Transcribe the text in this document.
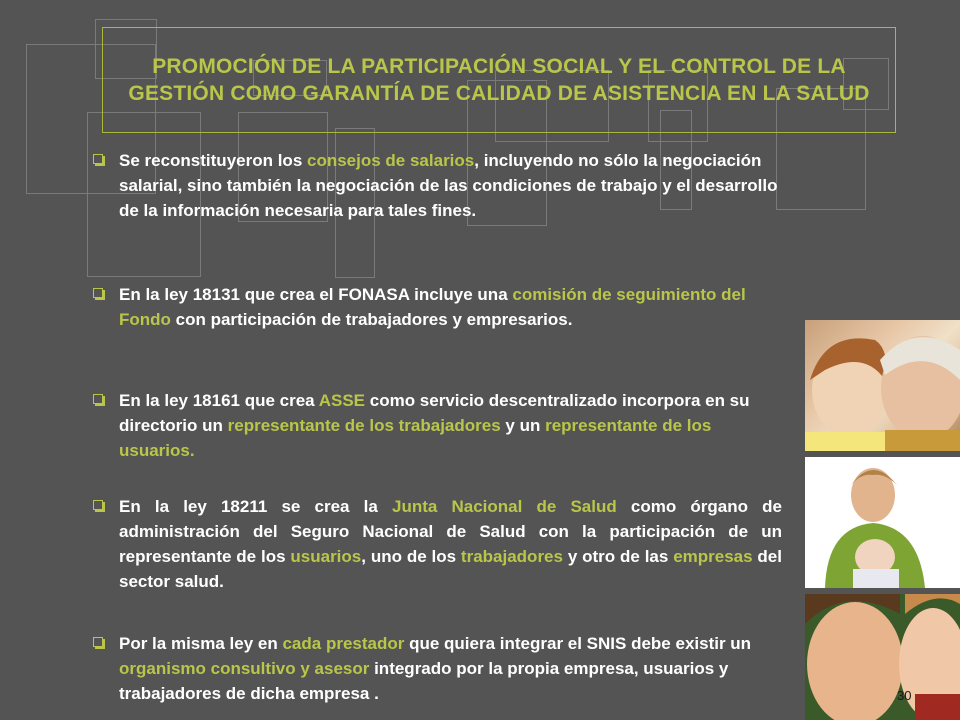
PROMOCIÓN DE LA PARTICIPACIÓN SOCIAL Y EL CONTROL DE LA GESTIÓN COMO GARANTÍA DE CALIDAD DE ASISTENCIA EN LA SALUD
Se reconstituyeron los consejos de salarios, incluyendo no sólo la negociación salarial, sino también la negociación de las condiciones de trabajo y el desarrollo de la información necesaria para tales fines.
En la ley 18131 que crea el FONASA incluye una comisión de seguimiento del Fondo con participación de trabajadores y empresarios.
En la ley 18161 que crea ASSE como servicio descentralizado incorpora en su directorio un representante de los trabajadores y un representante de los usuarios.
En la ley 18211 se crea la Junta Nacional de Salud como órgano de administración del Seguro Nacional de Salud con la participación de un representante de los usuarios, uno de los trabajadores y otro de las empresas del sector salud.
Por la misma ley en cada prestador que quiera integrar el SNIS debe existir un organismo consultivo y asesor integrado por la propia empresa, usuarios y trabajadores de dicha empresa .	30
